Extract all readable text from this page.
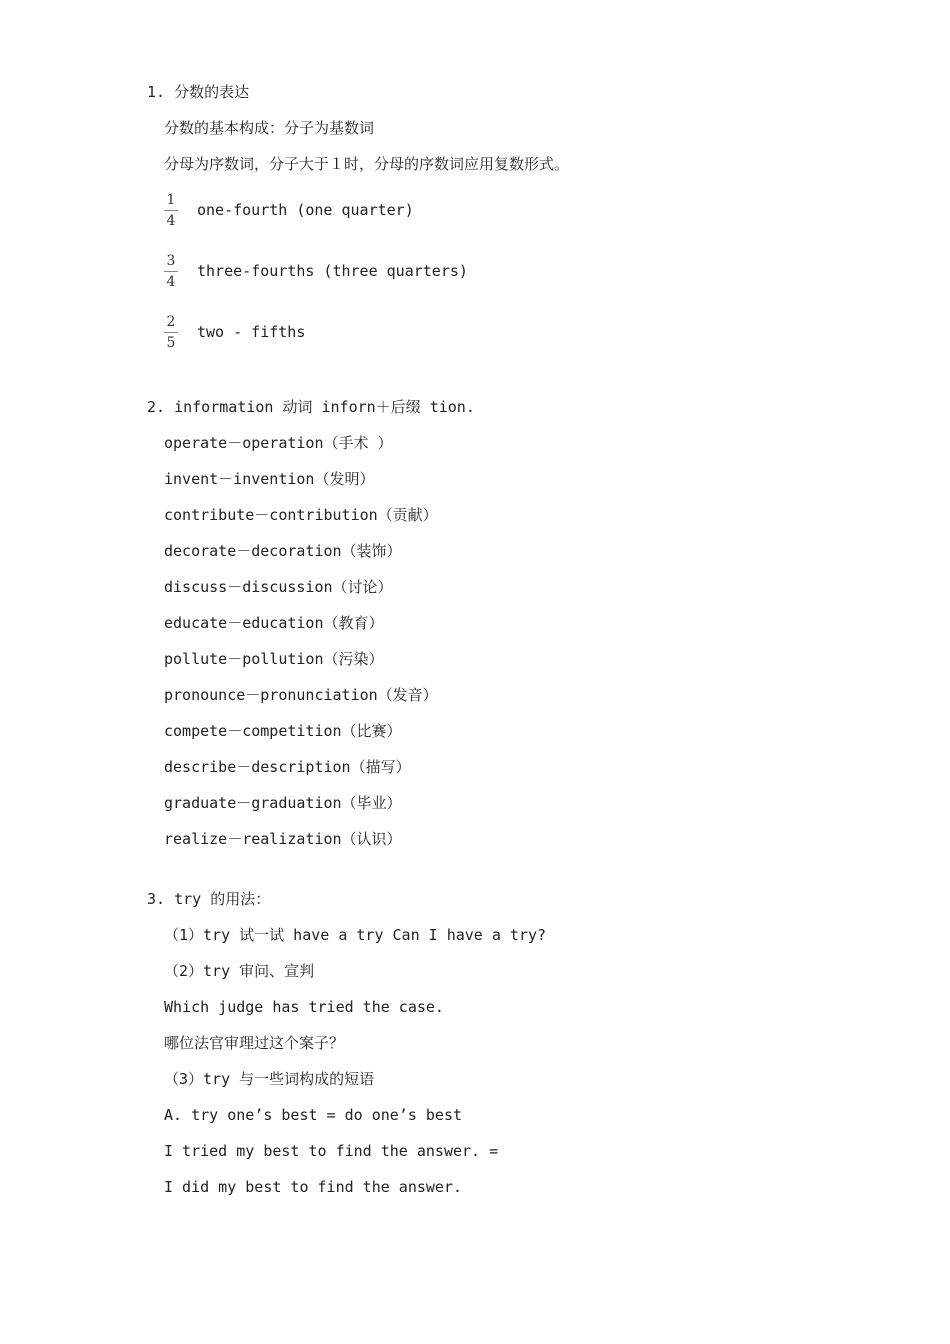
1. 分数的表达
分数的基本构成：分子为基数词
分母为序数词，分子大于１时，分母的序数词应用复数形式。
1
4
one-fourth (one quarter)
3
4
three-fourths (three quarters)
2
5
two - fifths
2. information 动词 inforn＋后缀 tion.
operate－operation（手术 ）
invent－invention（发明）
contribute－contribution（贡献）
decorate－decoration（装饰）
discuss－discussion（讨论）
educate－education（教育）
pollute－pollution（污染）
pronounce－pronunciation（发音）
compete－competition（比赛）
describe－description（描写）
graduate－graduation（毕业）
realize－realization（认识）
3. try 的用法：
（1）try 试一试 have a try Can I have a try?
（2）try 审问、宣判
Which judge has tried the case.
哪位法官审理过这个案子？
（3）try 与一些词构成的短语
A. try one’s best = do one’s best
I tried my best to find the answer. =
I did my best to find the answer.
